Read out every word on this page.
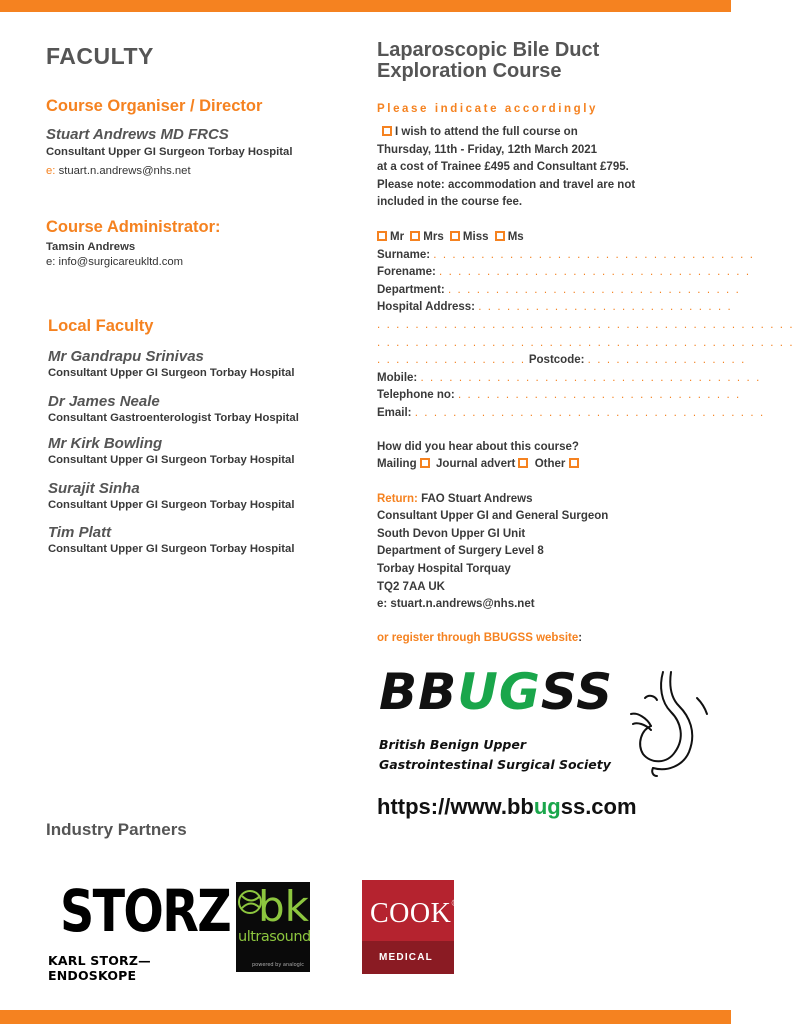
FACULTY
Course Organiser / Director
Stuart Andrews MD FRCS
Consultant Upper GI Surgeon Torbay Hospital
e: stuart.n.andrews@nhs.net
Course Administrator:
Tamsin Andrews
e: info@surgicareukltd.com
Local Faculty
Mr Gandrapu Srinivas
Consultant Upper GI Surgeon Torbay Hospital
Dr James Neale
Consultant Gastroenterologist Torbay Hospital
Mr Kirk Bowling
Consultant Upper GI Surgeon Torbay Hospital
Surajit Sinha
Consultant Upper GI Surgeon Torbay Hospital
Tim Platt
Consultant Upper GI Surgeon Torbay Hospital
Laparoscopic Bile Duct
Exploration Course
Please indicate accordingly
I wish to attend the full course on
Thursday, 11th - Friday, 12th March 2021
at a cost of Trainee £495 and Consultant £795.
Please note: accommodation and travel are not
included in the course fee.
Mr Mrs Miss Ms
Surname: . . . . . . . . . . . . . . . . . . . . . . . . . . . . . . . . . .
Forename: . . . . . . . . . . . . . . . . . . . . . . . . . . . . . . . . .
Department: . . . . . . . . . . . . . . . . . . . . . . . . . . . . . . .
Hospital Address: . . . . . . . . . . . . . . . . . . . . . . . . . . .
. . . . . . . . . . . . . . . . . . . . . . . . . . . . . . . . . . . . . . . . . . . .
. . . . . . . . . . . . . . . . . . . . . . . . . . . . . . . . . . . . . . . . . . . .
. . . . . . . . . . . . . . . . Postcode: . . . . . . . . . . . . . . . . .
Mobile: . . . . . . . . . . . . . . . . . . . . . . . . . . . . . . . . . . . .
Telephone no: . . . . . . . . . . . . . . . . . . . . . . . . . . . . . .
Email: . . . . . . . . . . . . . . . . . . . . . . . . . . . . . . . . . . . . .
How did you hear about this course?
Mailing Journal advert Other
Return: FAO Stuart Andrews
Consultant Upper GI and General Surgeon
South Devon Upper GI Unit
Department of Surgery Level 8
Torbay Hospital Torquay
TQ2 7AA UK
e: stuart.n.andrews@nhs.net
or register through BBUGSS website:
BBUGSS
British Benign Upper
Gastrointestinal Surgical Society
https://www.bbugss.com
Industry Partners
STORZ
KARL STORZ—ENDOSKOPE
bk
ultrasound
powered by analogic
COOK®
MEDICAL
